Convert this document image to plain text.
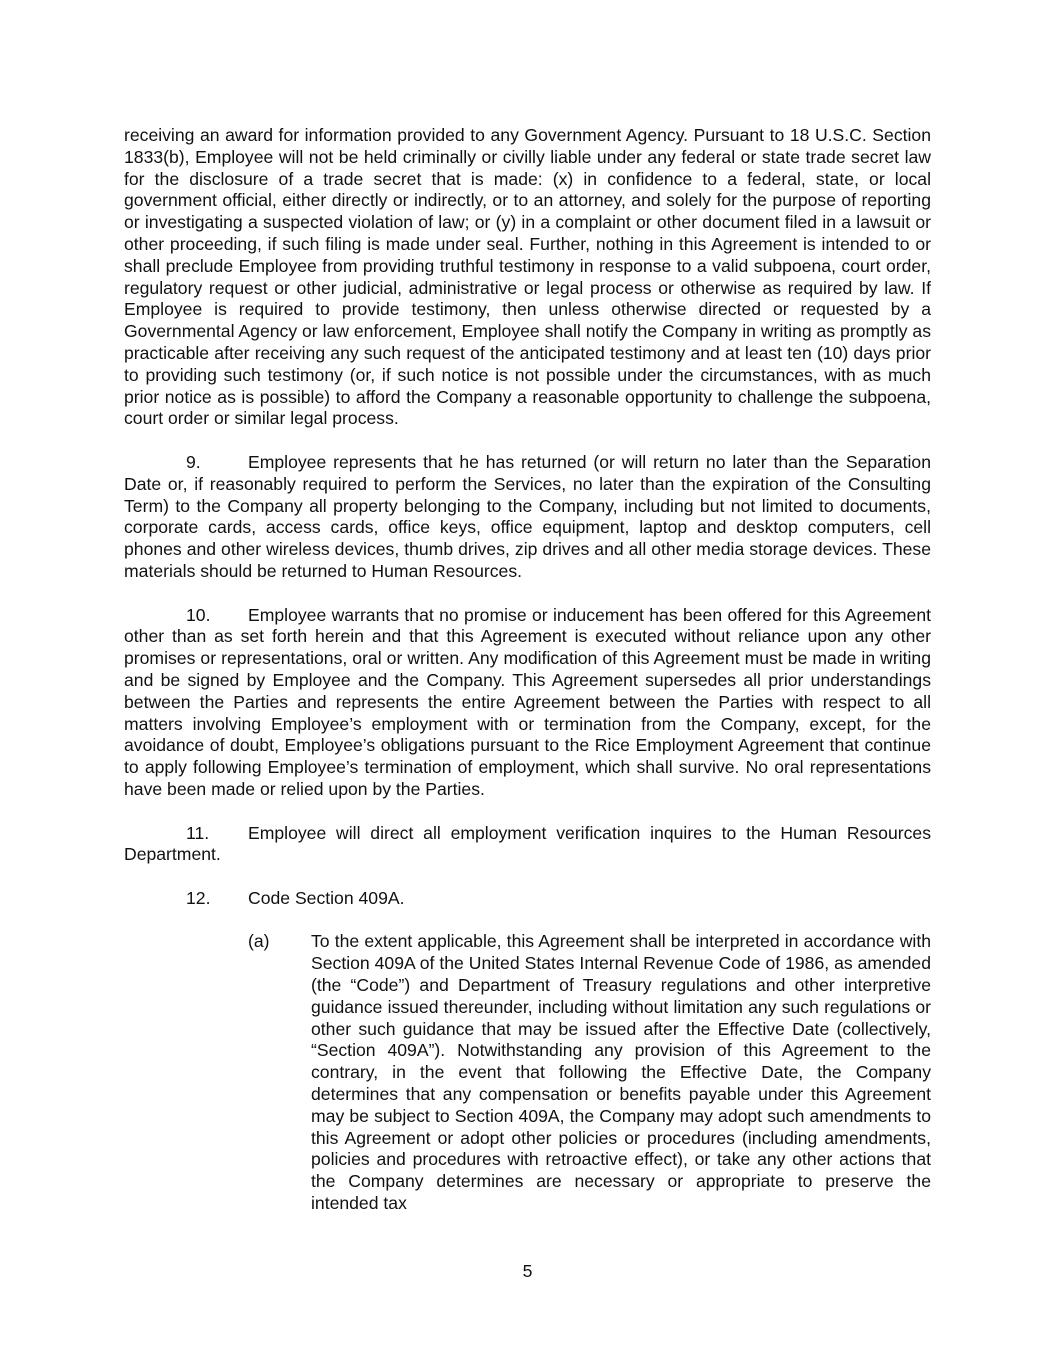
receiving an award for information provided to any Government Agency. Pursuant to 18 U.S.C. Section 1833(b), Employee will not be held criminally or civilly liable under any federal or state trade secret law for the disclosure of a trade secret that is made: (x) in confidence to a federal, state, or local government official, either directly or indirectly, or to an attorney, and solely for the purpose of reporting or investigating a suspected violation of law; or (y) in a complaint or other document filed in a lawsuit or other proceeding, if such filing is made under seal. Further, nothing in this Agreement is intended to or shall preclude Employee from providing truthful testimony in response to a valid subpoena, court order, regulatory request or other judicial, administrative or legal process or otherwise as required by law. If Employee is required to provide testimony, then unless otherwise directed or requested by a Governmental Agency or law enforcement, Employee shall notify the Company in writing as promptly as practicable after receiving any such request of the anticipated testimony and at least ten (10) days prior to providing such testimony (or, if such notice is not possible under the circumstances, with as much prior notice as is possible) to afford the Company a reasonable opportunity to challenge the subpoena, court order or similar legal process.

9.	Employee represents that he has returned (or will return no later than the Separation Date or, if reasonably required to perform the Services, no later than the expiration of the Consulting Term) to the Company all property belonging to the Company, including but not limited to documents, corporate cards, access cards, office keys, office equipment, laptop and desktop computers, cell phones and other wireless devices, thumb drives, zip drives and all other media storage devices. These materials should be returned to Human Resources.

10. Employee warrants that no promise or inducement has been offered for this Agreement other than as set forth herein and that this Agreement is executed without reliance upon any other promises or representations, oral or written. Any modification of this Agreement must be made in writing and be signed by Employee and the Company. This Agreement supersedes all prior understandings between the Parties and represents the entire Agreement between the Parties with respect to all matters involving Employee’s employment with or termination from the Company, except, for the avoidance of doubt, Employee’s obligations pursuant to the Rice Employment Agreement that continue to apply following Employee’s termination of employment, which shall survive. No oral representations have been made or relied upon by the Parties.

11. Employee will direct all employment verification inquires to the Human Resources Department.

12. Code Section 409A.

(a)	To the extent applicable, this Agreement shall be interpreted in accordance with Section 409A of the United States Internal Revenue Code of 1986, as amended (the “Code”) and Department of Treasury regulations and other interpretive guidance issued thereunder, including without limitation any such regulations or other such guidance that may be issued after the Effective Date (collectively, “Section 409A”). Notwithstanding any provision of this Agreement to the contrary, in the event that following the Effective Date, the Company determines that any compensation or benefits payable under this Agreement may be subject to Section 409A, the Company may adopt such amendments to this Agreement or adopt other policies or procedures (including amendments, policies and procedures with retroactive effect), or take any other actions that the Company determines are necessary or appropriate to preserve the intended tax

5
